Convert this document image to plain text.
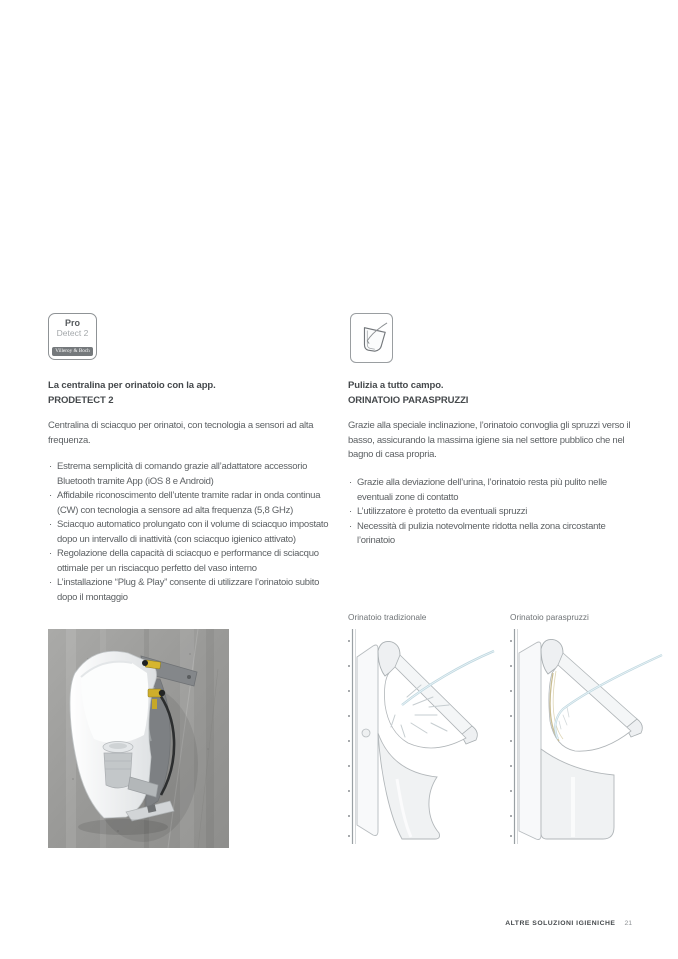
Pro
Detect 2
Villeroy & Boch
La centralina per orinatoio con la app.
PRODETECT 2

Centralina di sciacquo per orinatoi, con tecnologia a sensori ad alta frequenza.

· Estrema semplicità di comando grazie all’adattatore accessorio Bluetooth tramite App (iOS 8 e Android)
· Affidabile riconoscimento dell’utente tramite radar in onda continua (CW) con tecnologia a sensore ad alta frequenza (5,8 GHz)
· Sciacquo automatico prolungato con il volume di sciacquo impostato dopo un intervallo di inattività (con sciacquo igienico attivato)
· Regolazione della capacità di sciacquo e performance di sciacquo ottimale per un risciacquo perfetto del vaso interno
· L’installazione “Plug & Play” consente di utilizzare l’orinatoio subito dopo il montaggio
Pulizia a tutto campo.
ORINATOIO PARASPRUZZI

Grazie alla speciale inclinazione, l’orinatoio convoglia gli spruzzi verso il basso, assicurando la massima igiene sia nel settore pubblico che nel bagno di casa propria.

· Grazie alla deviazione dell’urina, l’orinatoio resta più pulito nelle eventuali zone di contatto
· L’utilizzatore è protetto da eventuali spruzzi
· Necessità di pulizia notevolmente ridotta nella zona circostante l’orinatoio

Orinatoio tradizionale	Orinatoio paraspruzzi

ALTRE SOLUZIONI IGIENICHE 21
